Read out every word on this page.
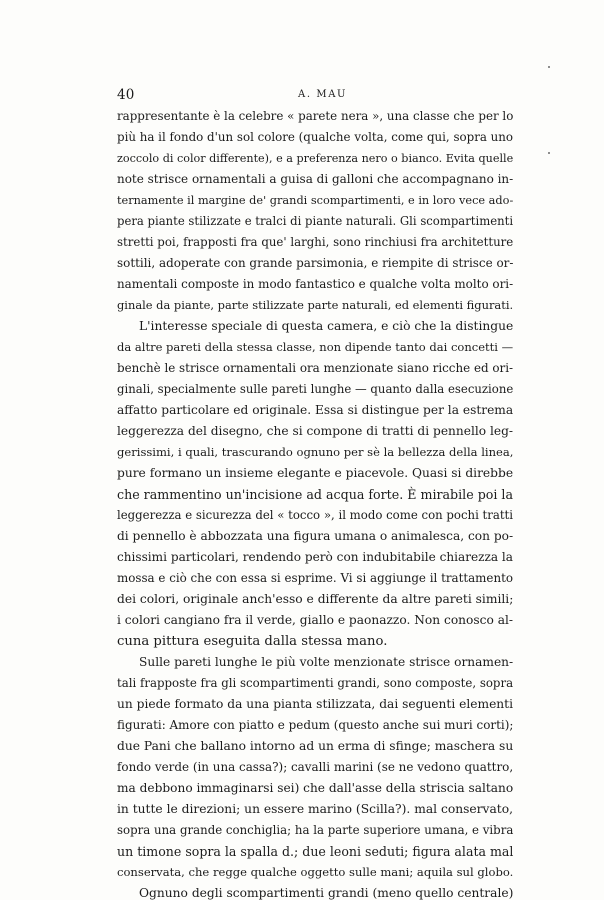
40	A. MAU
rappresentante è la celebre « parete nera », una classe che per lo
più ha il fondo d'un sol colore (qualche volta, come qui, sopra uno
zoccolo di color differente), e a preferenza nero o bianco. Evita quelle
note strisce ornamentali a guisa di galloni che accompagnano in-
ternamente il margine de' grandi scompartimenti, e in loro vece ado-
pera piante stilizzate e tralci di piante naturali. Gli scompartimenti
stretti poi, frapposti fra que' larghi, sono rinchiusi fra architetture
sottili, adoperate con grande parsimonia, e riempite di strisce or-
namentali composte in modo fantastico e qualche volta molto ori-
ginale da piante, parte stilizzate parte naturali, ed elementi figurati.
L'interesse speciale di questa camera, e ciò che la distingue
da altre pareti della stessa classe, non dipende tanto dai concetti —
benchè le strisce ornamentali ora menzionate siano ricche ed ori-
ginali, specialmente sulle pareti lunghe — quanto dalla esecuzione
affatto particolare ed originale. Essa si distingue per la estrema
leggerezza del disegno, che si compone di tratti di pennello leg-
gerissimi, i quali, trascurando ognuno per sè la bellezza della linea,
pure formano un insieme elegante e piacevole. Quasi si direbbe
che rammentino un'incisione ad acqua forte. È mirabile poi la
leggerezza e sicurezza del « tocco », il modo come con pochi tratti
di pennello è abbozzata una figura umana o animalesca, con po-
chissimi particolari, rendendo però con indubitabile chiarezza la
mossa e ciò che con essa si esprime. Vi si aggiunge il trattamento
dei colori, originale anch'esso e differente da altre pareti simili;
i colori cangiano fra il verde, giallo e paonazzo. Non conosco al-
cuna pittura eseguita dalla stessa mano.
Sulle pareti lunghe le più volte menzionate strisce ornamen-
tali frapposte fra gli scompartimenti grandi, sono composte, sopra
un piede formato da una pianta stilizzata, dai seguenti elementi
figurati: Amore con piatto e pedum (questo anche sui muri corti);
due Pani che ballano intorno ad un erma di sfinge; maschera su
fondo verde (in una cassa?); cavalli marini (se ne vedono quattro,
ma debbono immaginarsi sei) che dall'asse della striscia saltano
in tutte le direzioni; un essere marino (Scilla?). mal conservato,
sopra una grande conchiglia; ha la parte superiore umana, e vibra
un timone sopra la spalla d.; due leoni seduti; figura alata mal
conservata, che regge qualche oggetto sulle mani; aquila sul globo.
Ognuno degli scompartimenti grandi (meno quello centrale)
